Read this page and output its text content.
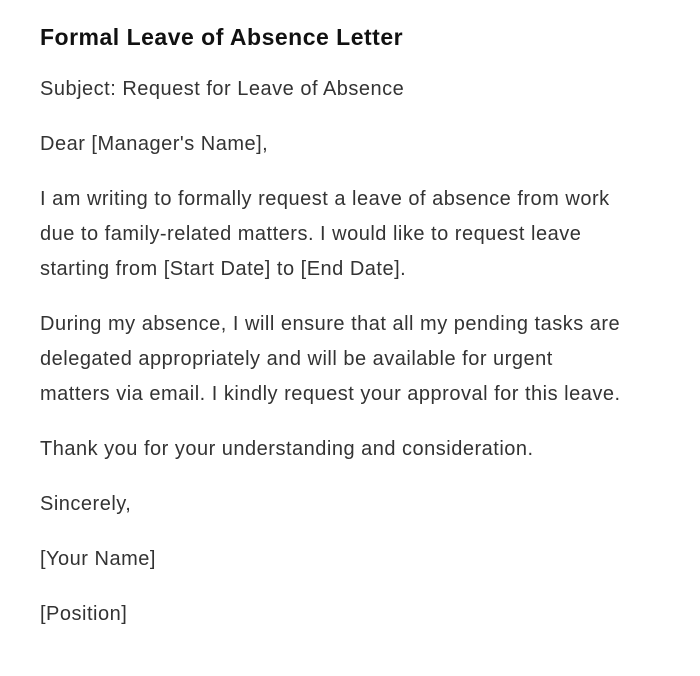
Formal Leave of Absence Letter

Subject: Request for Leave of Absence

Dear [Manager's Name],

I am writing to formally request a leave of absence from work due to family-related matters. I would like to request leave starting from [Start Date] to [End Date].

During my absence, I will ensure that all my pending tasks are delegated appropriately and will be available for urgent matters via email. I kindly request your approval for this leave.

Thank you for your understanding and consideration.

Sincerely,

[Your Name]

[Position]
